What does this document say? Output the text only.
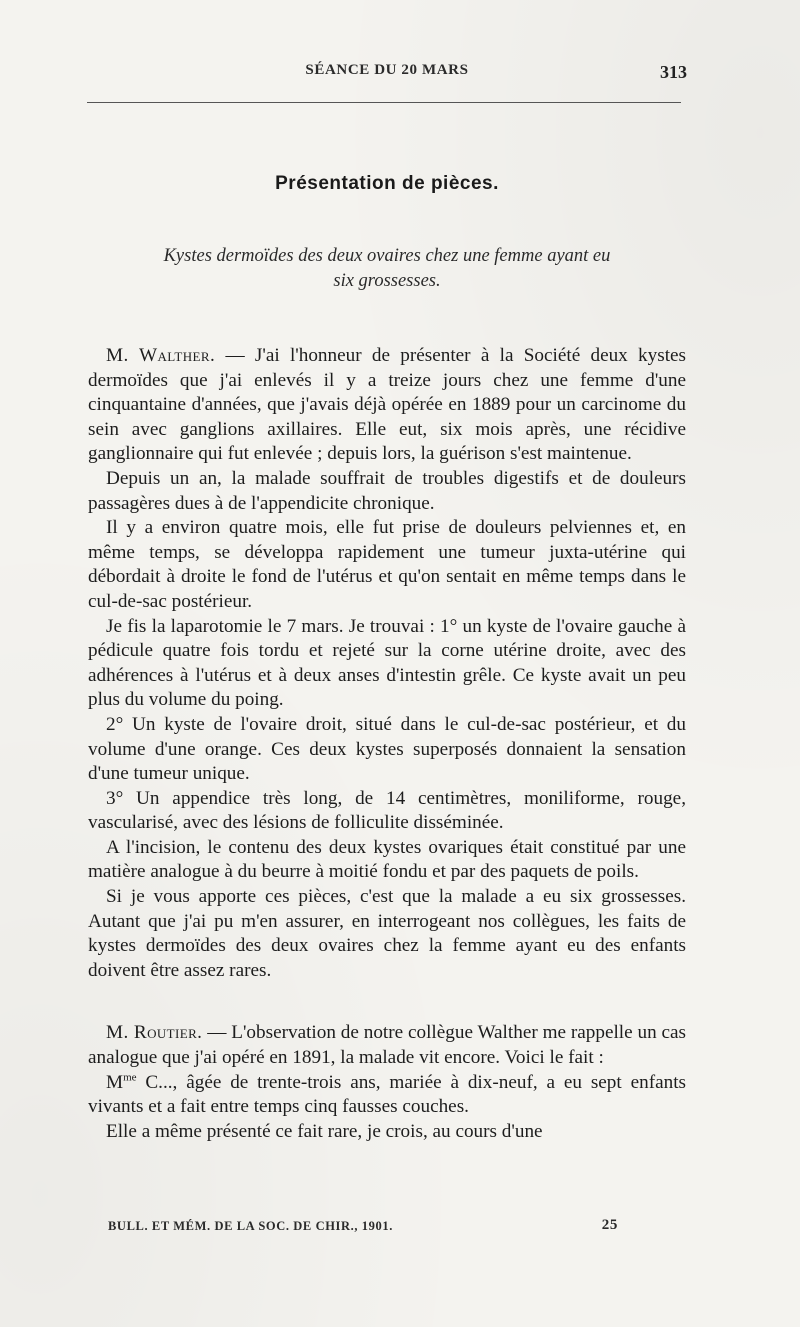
SÉANCE DU 20 MARS	313
Présentation de pièces.
Kystes dermoïdes des deux ovaires chez une femme ayant eu
six grossesses.

M. Walther. — J'ai l'honneur de présenter à la Société deux kystes dermoïdes que j'ai enlevés il y a treize jours chez une femme d'une cinquantaine d'années, que j'avais déjà opérée en 1889 pour un carcinome du sein avec ganglions axillaires. Elle eut, six mois après, une récidive ganglionnaire qui fut enlevée ; depuis lors, la guérison s'est maintenue.

Depuis un an, la malade souffrait de troubles digestifs et de douleurs passagères dues à de l'appendicite chronique.

Il y a environ quatre mois, elle fut prise de douleurs pelviennes et, en même temps, se développa rapidement une tumeur juxta-utérine qui débordait à droite le fond de l'utérus et qu'on sentait en même temps dans le cul-de-sac postérieur.

Je fis la laparotomie le 7 mars. Je trouvai : 1° un kyste de l'ovaire gauche à pédicule quatre fois tordu et rejeté sur la corne utérine droite, avec des adhérences à l'utérus et à deux anses d'intestin grêle. Ce kyste avait un peu plus du volume du poing.

2° Un kyste de l'ovaire droit, situé dans le cul-de-sac postérieur, et du volume d'une orange. Ces deux kystes superposés donnaient la sensation d'une tumeur unique.

3° Un appendice très long, de 14 centimètres, moniliforme, rouge, vascularisé, avec des lésions de folliculite disséminée.

A l'incision, le contenu des deux kystes ovariques était constitué par une matière analogue à du beurre à moitié fondu et par des paquets de poils.

Si je vous apporte ces pièces, c'est que la malade a eu six grossesses. Autant que j'ai pu m'en assurer, en interrogeant nos collègues, les faits de kystes dermoïdes des deux ovaires chez la femme ayant eu des enfants doivent être assez rares.

M. Routier. — L'observation de notre collègue Walther me rappelle un cas analogue que j'ai opéré en 1891, la malade vit encore. Voici le fait :

$M^{me}$ C..., âgée de trente-trois ans, mariée à dix-neuf, a eu sept enfants vivants et a fait entre temps cinq fausses couches.

Elle a même présenté ce fait rare, je crois, au cours d'une

BULL. ET MÉM. DE LA SOC. DE CHIR., 1901.	25
